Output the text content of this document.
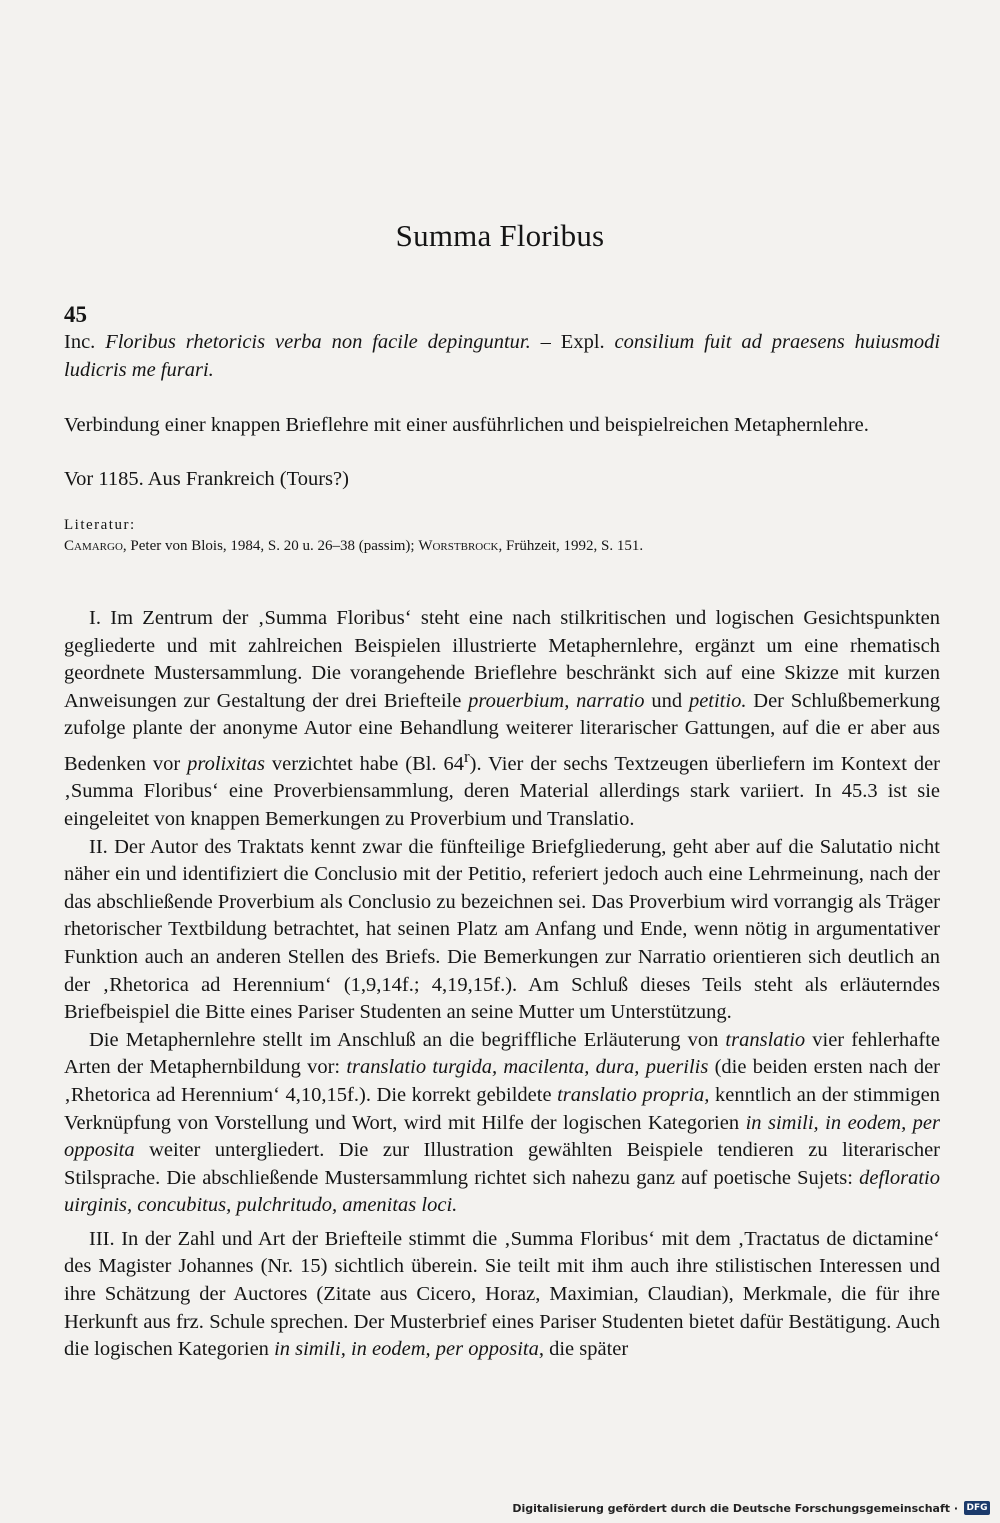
Summa Floribus
45
Inc. Floribus rhetoricis verba non facile depinguntur. – Expl. consilium fuit ad praesens huiusmodi ludicris me furari.
Verbindung einer knappen Brieflehre mit einer ausführlichen und beispielreichen Metaphernlehre.
Vor 1185. Aus Frankreich (Tours?)
Literatur:
Camargo, Peter von Blois, 1984, S. 20 u. 26–38 (passim); Worstbrock, Frühzeit, 1992, S. 151.

I. Im Zentrum der ‚Summa Floribus‘ steht eine nach stilkritischen und logischen Gesichtspunkten gegliederte und mit zahlreichen Beispielen illustrierte Metaphernlehre, ergänzt um eine rhematisch geordnete Mustersammlung. Die vorangehende Brieflehre beschränkt sich auf eine Skizze mit kurzen Anweisungen zur Gestaltung der drei Briefteile prouerbium, narratio und petitio. Der Schlußbemerkung zufolge plante der anonyme Autor eine Behandlung weiterer literarischer Gattungen, auf die er aber aus Bedenken vor prolixitas verzichtet habe (Bl. 64$^r$). Vier der sechs Textzeugen überliefern im Kontext der ‚Summa Floribus‘ eine Proverbiensammlung, deren Material allerdings stark variiert. In 45.3 ist sie eingeleitet von knappen Bemerkungen zu Proverbium und Translatio.

II. Der Autor des Traktats kennt zwar die fünfteilige Briefgliederung, geht aber auf die Salutatio nicht näher ein und identifiziert die Conclusio mit der Petitio, referiert jedoch auch eine Lehrmeinung, nach der das abschließende Proverbium als Conclusio zu bezeichnen sei. Das Proverbium wird vorrangig als Träger rhetorischer Textbildung betrachtet, hat seinen Platz am Anfang und Ende, wenn nötig in argumentativer Funktion auch an anderen Stellen des Briefs. Die Bemerkungen zur Narratio orientieren sich deutlich an der ‚Rhetorica ad Herennium‘ (1,9,14f.; 4,19,15f.). Am Schluß dieses Teils steht als erläuterndes Briefbeispiel die Bitte eines Pariser Studenten an seine Mutter um Unterstützung.

Die Metaphernlehre stellt im Anschluß an die begriffliche Erläuterung von translatio vier fehlerhafte Arten der Metaphernbildung vor: translatio turgida, macilenta, dura, puerilis (die beiden ersten nach der ‚Rhetorica ad Herennium‘ 4,10,15f.). Die korrekt gebildete translatio propria, kenntlich an der stimmigen Verknüpfung von Vorstellung und Wort, wird mit Hilfe der logischen Kategorien in simili, in eodem, per opposita weiter untergliedert. Die zur Illustration gewählten Beispiele tendieren zu literarischer Stilsprache. Die abschließende Mustersammlung richtet sich nahezu ganz auf poetische Sujets: defloratio uirginis, concubitus, pulchritudo, amenitas loci.

III. In der Zahl und Art der Briefteile stimmt die ‚Summa Floribus‘ mit dem ‚Tractatus de dictamine‘ des Magister Johannes (Nr. 15) sichtlich überein. Sie teilt mit ihm auch ihre stilistischen Interessen und ihre Schätzung der Auctores (Zitate aus Cicero, Horaz, Maximian, Claudian), Merkmale, die für ihre Herkunft aus frz. Schule sprechen. Der Musterbrief eines Pariser Studenten bietet dafür Bestätigung. Auch die logischen Kategorien in simili, in eodem, per opposita, die später

Digitalisierung gefördert durch die Deutsche Forschungsgemeinschaft · DFG
